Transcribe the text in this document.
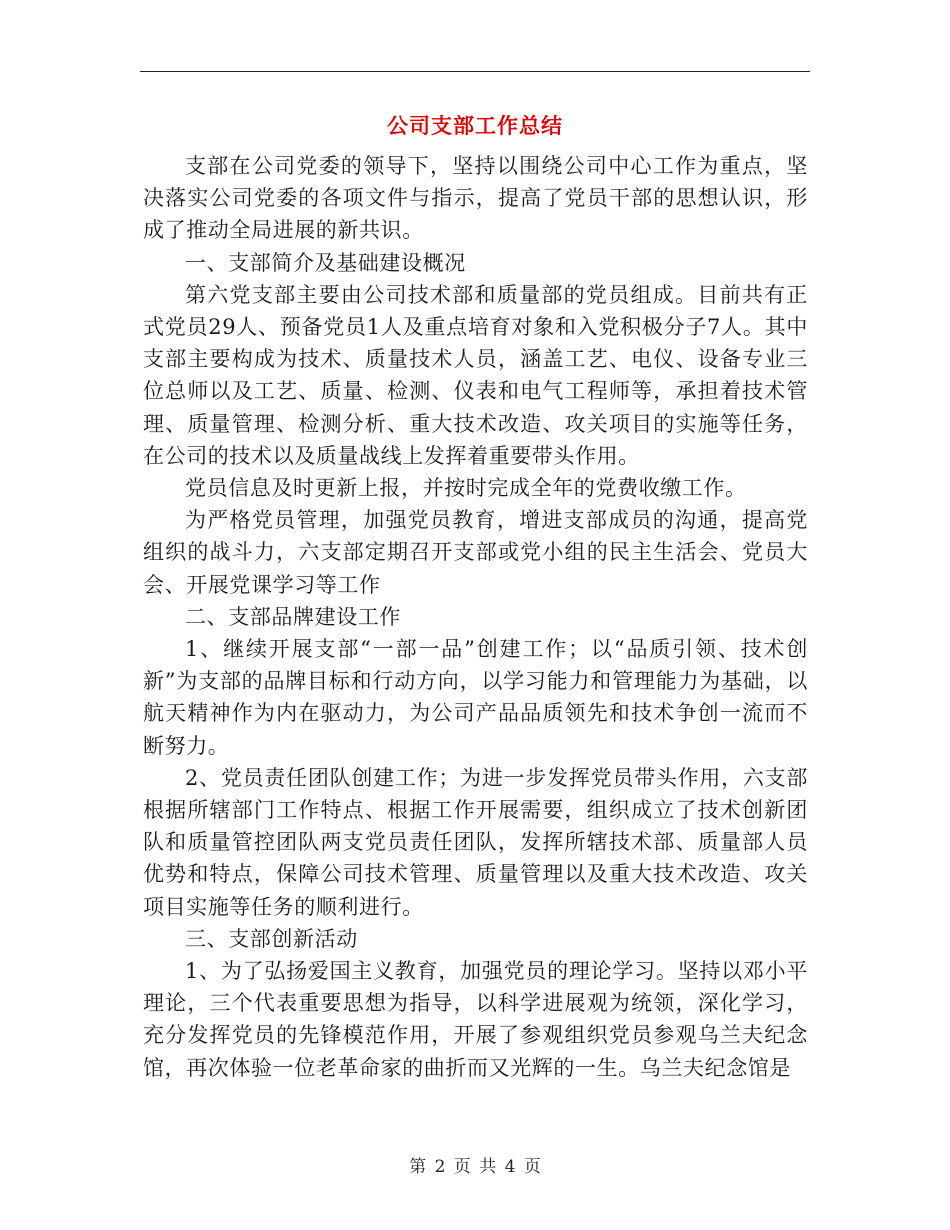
公司支部工作总结

支部在公司党委的领导下，坚持以围绕公司中心工作为重点，坚决落实公司党委的各项文件与指示，提高了党员干部的思想认识，形成了推动全局进展的新共识。

一、支部简介及基础建设概况

第六党支部主要由公司技术部和质量部的党员组成。目前共有正式党员29人、预备党员1人及重点培育对象和入党积极分子7人。其中支部主要构成为技术、质量技术人员，涵盖工艺、电仪、设备专业三位总师以及工艺、质量、检测、仪表和电气工程师等，承担着技术管理、质量管理、检测分析、重大技术改造、攻关项目的实施等任务，在公司的技术以及质量战线上发挥着重要带头作用。

党员信息及时更新上报，并按时完成全年的党费收缴工作。

为严格党员管理，加强党员教育，增进支部成员的沟通，提高党组织的战斗力，六支部定期召开支部或党小组的民主生活会、党员大会、开展党课学习等工作

二、支部品牌建设工作

1、继续开展支部“一部一品”创建工作；以“品质引领、技术创新”为支部的品牌目标和行动方向，以学习能力和管理能力为基础，以航天精神作为内在驱动力，为公司产品品质领先和技术争创一流而不断努力。

2、党员责任团队创建工作；为进一步发挥党员带头作用，六支部根据所辖部门工作特点、根据工作开展需要，组织成立了技术创新团队和质量管控团队两支党员责任团队，发挥所辖技术部、质量部人员优势和特点，保障公司技术管理、质量管理以及重大技术改造、攻关项目实施等任务的顺利进行。

三、支部创新活动

1、为了弘扬爱国主义教育，加强党员的理论学习。坚持以邓小平理论，三个代表重要思想为指导，以科学进展观为统领，深化学习，充分发挥党员的先锋模范作用，开展了参观组织党员参观乌兰夫纪念馆，再次体验一位老革命家的曲折而又光辉的一生。乌兰夫纪念馆是

第 2 页 共 4 页
